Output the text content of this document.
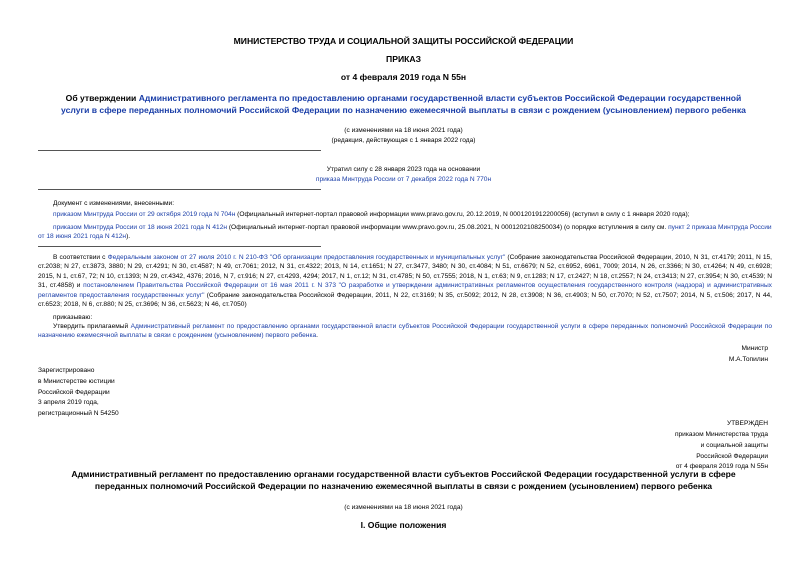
МИНИСТЕРСТВО ТРУДА И СОЦИАЛЬНОЙ ЗАЩИТЫ РОССИЙСКОЙ ФЕДЕРАЦИИ
ПРИКАЗ
от 4 февраля 2019 года N 55н
Об утверждении Административного регламента по предоставлению органами государственной власти субъектов Российской Федерации государственной
услуги в сфере переданных полномочий Российской Федерации по назначению ежемесячной выплаты в связи с рождением (усыновлением) первого ребенка
(с изменениями на 18 июня 2021 года)
(редакция, действующая с 1 января 2022 года)
Утратил силу с 28 января 2023 года на основании
приказа Минтруда России от 7 декабря 2022 года N 770н
Документ с изменениями, внесенными:
приказом Минтруда России от 29 октября 2019 года N 704н (Официальный интернет-портал правовой информации www.pravo.gov.ru, 20.12.2019, N 0001201912200056) (вступил в силу с 1 января 2020 года);
приказом Минтруда России от 18 июня 2021 года N 412н (Официальный интернет-портал правовой информации www.pravo.gov.ru, 25.08.2021, N 0001202108250034) (о порядке вступления в силу см. пункт 2 приказа Минтруда России от 18 июня 2021 года N 412н).
В соответствии с Федеральным законом от 27 июля 2010 г. N 210-ФЗ "Об организации предоставления государственных и муниципальных услуг" (Собрание законодательства Российской Федерации, 2010, N 31, ст.4179; 2011, N 15, ст.2038; N 27, ст.3873, 3880; N 29, ст.4291; N 30, ст.4587; N 49, ст.7061; 2012, N 31, ст.4322; 2013, N 14, ст.1651; N 27, ст.3477, 3480; N 30, ст.4084; N 51, ст.6679; N 52, ст.6952, 6961, 7009; 2014, N 26, ст.3366; N 30, ст.4264; N 49, ст.6928; 2015, N 1, ст.67, 72; N 10, ст.1393; N 29, ст.4342, 4376; 2016, N 7, ст.916; N 27, ст.4293, 4294; 2017, N 1, ст.12; N 31, ст.4785; N 50, ст.7555; 2018, N 1, ст.63; N 9, ст.1283; N 17, ст.2427; N 18, ст.2557; N 24, ст.3413; N 27, ст.3954; N 30, ст.4539; N 31, ст.4858) и постановлением Правительства Российской Федерации от 16 мая 2011 г. N 373 "О разработке и утверждении административных регламентов осуществления государственного контроля (надзора) и административных регламентов предоставления государственных услуг" (Собрание законодательства Российской Федерации, 2011, N 22, ст.3169; N 35, ст.5092; 2012, N 28, ст.3908; N 36, ст.4903; N 50, ст.7070; N 52, ст.7507; 2014, N 5, ст.506; 2017, N 44, ст.6523; 2018, N 6, ст.880; N 25, ст.3696; N 36, ст.5623; N 46, ст.7050)
приказываю:
Утвердить прилагаемый Административный регламент по предоставлению органами государственной власти субъектов Российской Федерации государственной услуги в сфере переданных полномочий Российской Федерации по назначению ежемесячной выплаты в связи с рождением (усыновлением) первого ребенка.
Министр
М.А.Топилин
Зарегистрировано
в Министерстве юстиции
Российской Федерации
3 апреля 2019 года,
регистрационный N 54250
УТВЕРЖДЕН
приказом Министерства труда
и социальной защиты
Российской Федерации
от 4 февраля 2019 года N 55н
Административный регламент по предоставлению органами государственной власти субъектов Российской Федерации государственной услуги в сфере
переданных полномочий Российской Федерации по назначению ежемесячной выплаты в связи с рождением (усыновлением) первого ребенка
(с изменениями на 18 июня 2021 года)
I. Общие положения
